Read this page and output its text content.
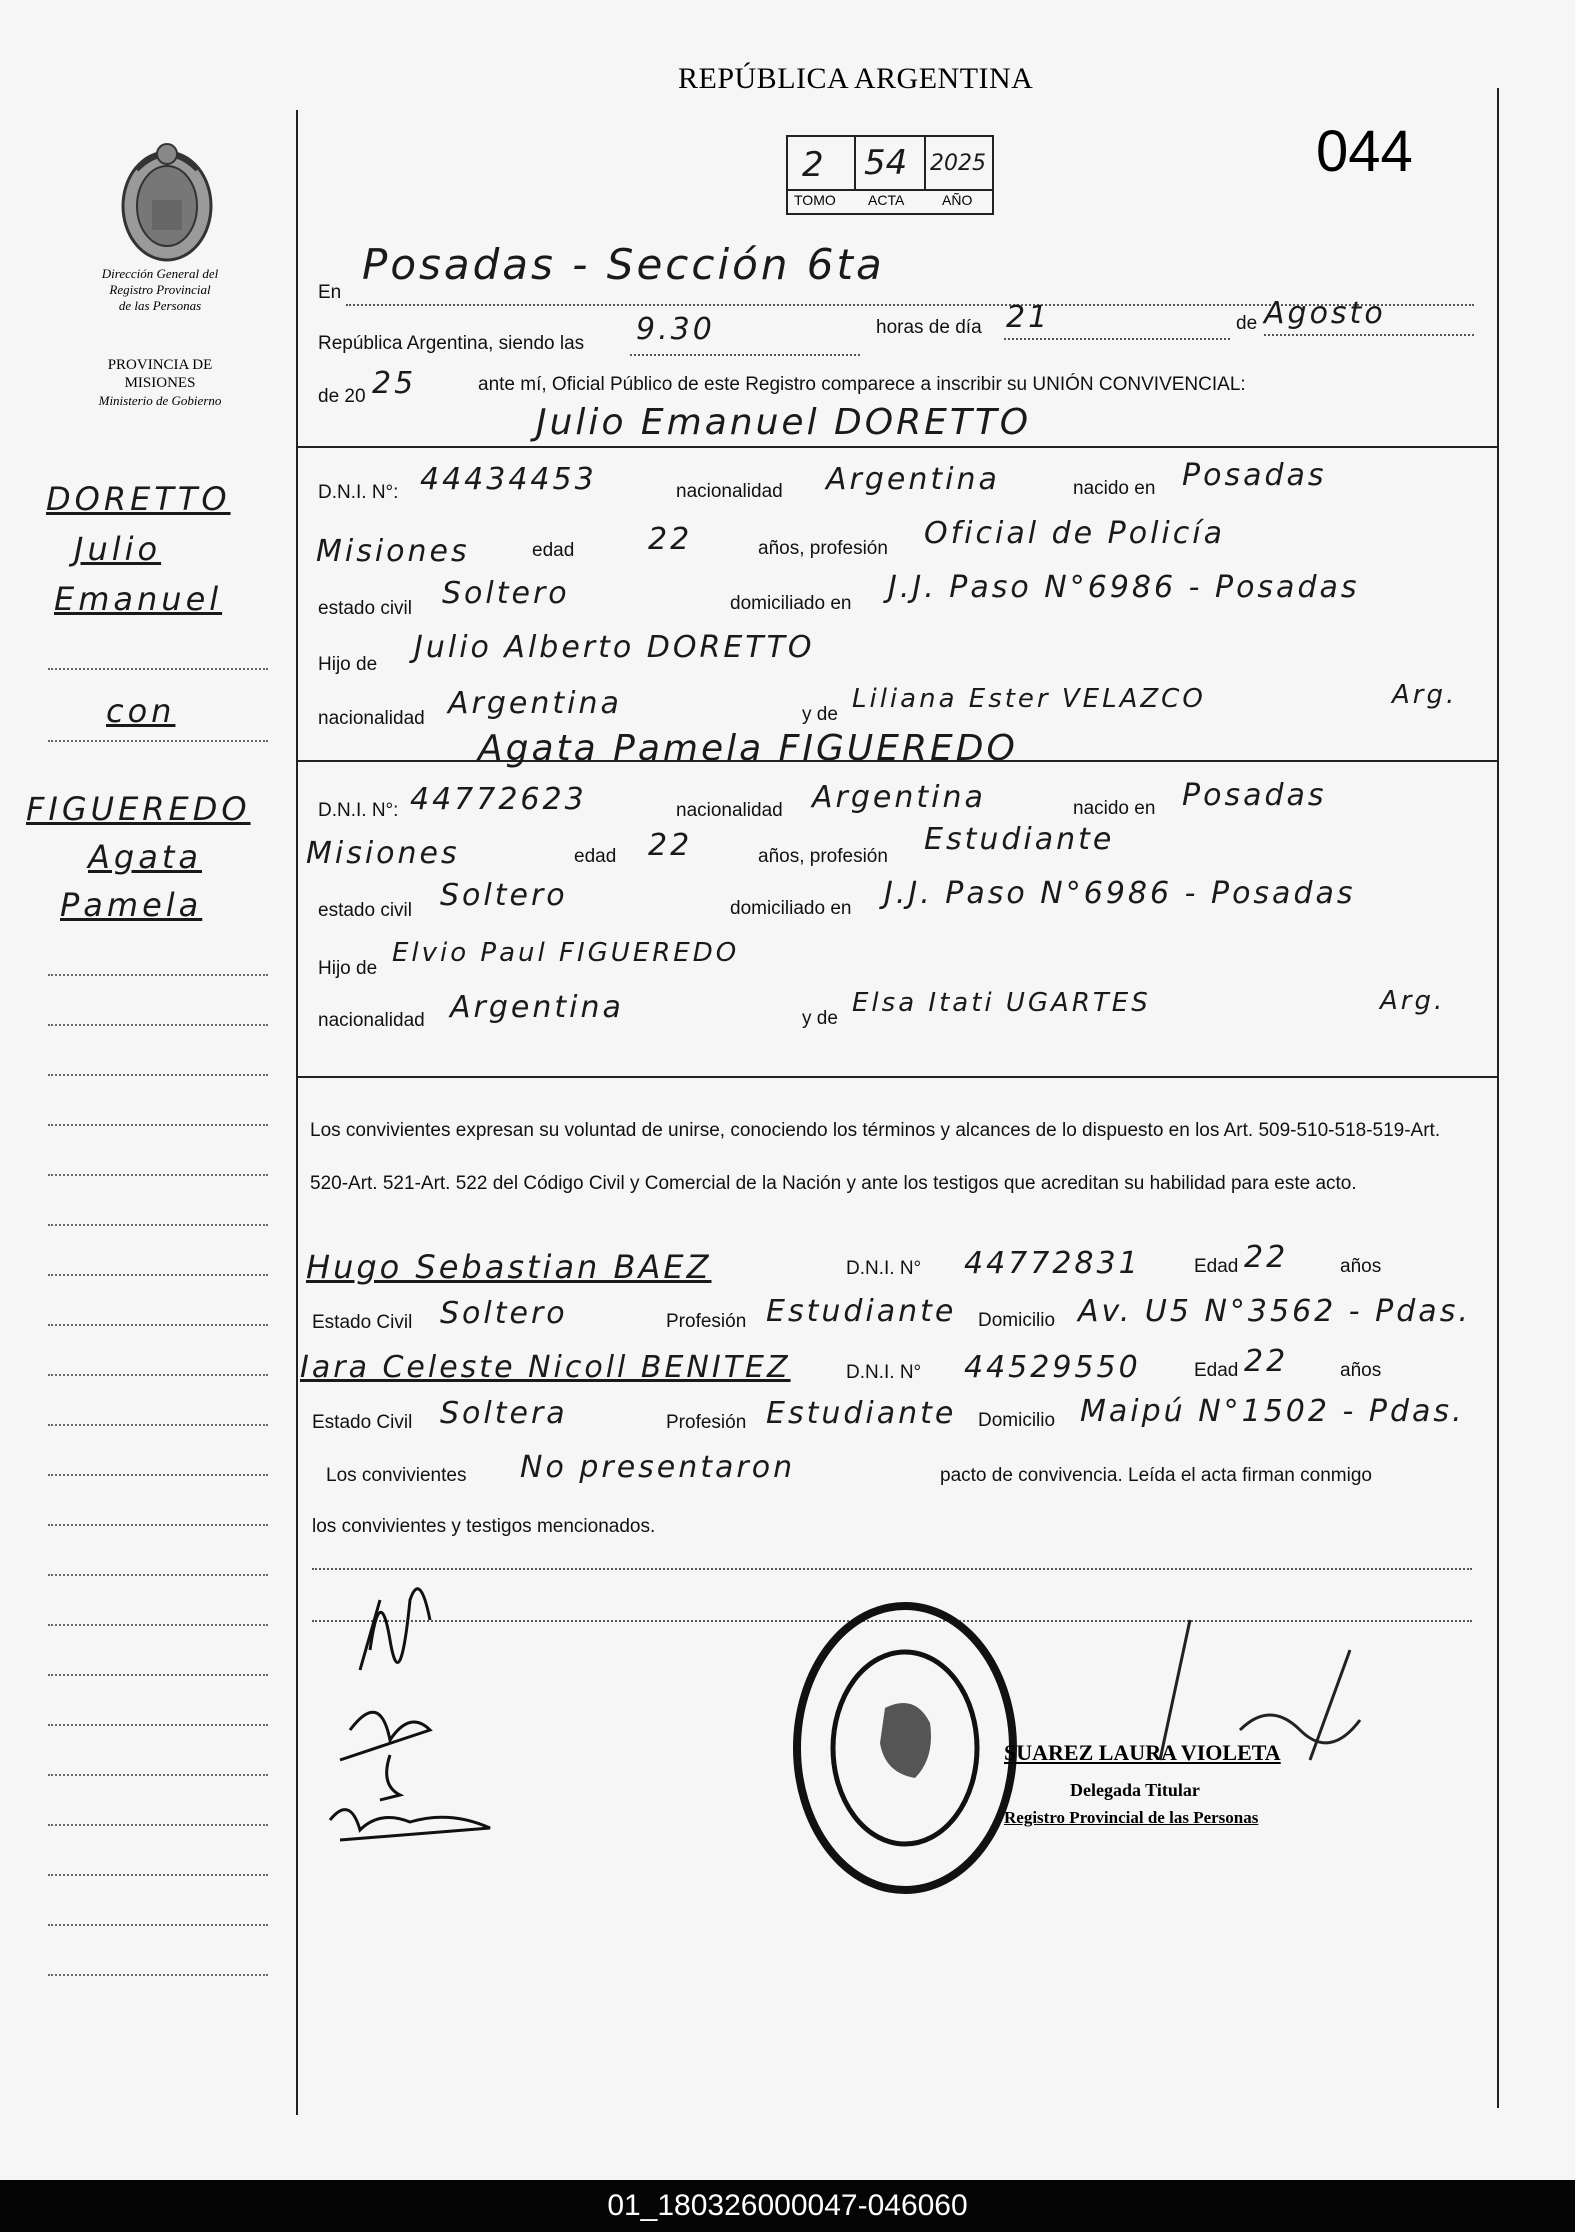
REPÚBLICA ARGENTINA
2 54 2025
TOMO ACTA	AÑO
044
Dirección General del
Registro Provincial
de las Personas
PROVINCIA DE
MISIONES
Ministerio de Gobierno
En
Posadas - Sección 6ta
República Argentina, siendo las 9.30	horas de día 21	de Agosto
de 20 25	ante mí, Oficial Público de este Registro comparece a inscribir su UNIÓN CONVIVENCIAL:
Julio Emanuel DORETTO
D.N.I. N°: 44434453	nacionalidad Argentina	nacido en Posadas
Misiones	edad 22	años, profesión Oficial de Policía
estado civil Soltero	domiciliado en J.J. Paso N°6986 - Posadas
Hijo de Julio Alberto DORETTO
nacionalidad Argentina	y de
Liliana Ester VELAZCO	Arg.
Agata Pamela FIGUEREDO
D.N.I. N°: 44772623	nacionalidad Argentina	nacido en Posadas
Misiones	edad 22	años, profesión Estudiante
estado civil Soltero	domiciliado en J.J. Paso N°6986 - Posadas
Hijo de
Elvio Paul FIGUEREDO
nacionalidad Argentina	y de
Elsa Itati UGARTES	Arg.
Los convivientes expresan su voluntad de unirse, conociendo los términos y alcances de lo dispuesto en los Art. 509-510-518-519-Art. 520-Art. 521-Art. 522 del Código Civil y Comercial de la Nación y ante los testigos que acreditan su habilidad para este acto.
Hugo Sebastian BAEZ	D.N.I. N° 44772831	Edad 22	años
Estado Civil Soltero	Profesión Estudiante Domicilio Av. U5 N°3562 - Pdas.
Iara Celeste Nicoll BENITEZ	D.N.I. N° 44529550	Edad 22	años
Estado Civil Soltera	Profesión Estudiante Domicilio Maipú N°1502 - Pdas.
Los convivientes No presentaron	pacto de convivencia. Leída el acta firman conmigo
los convivientes y testigos mencionados.
SUAREZ LAURA VIOLETA
Delegada Titular
Registro Provincial de las Personas
DORETTO
Julio
Emanuel
con
FIGUEREDO
Agata
Pamela
01_180326000047-046060
